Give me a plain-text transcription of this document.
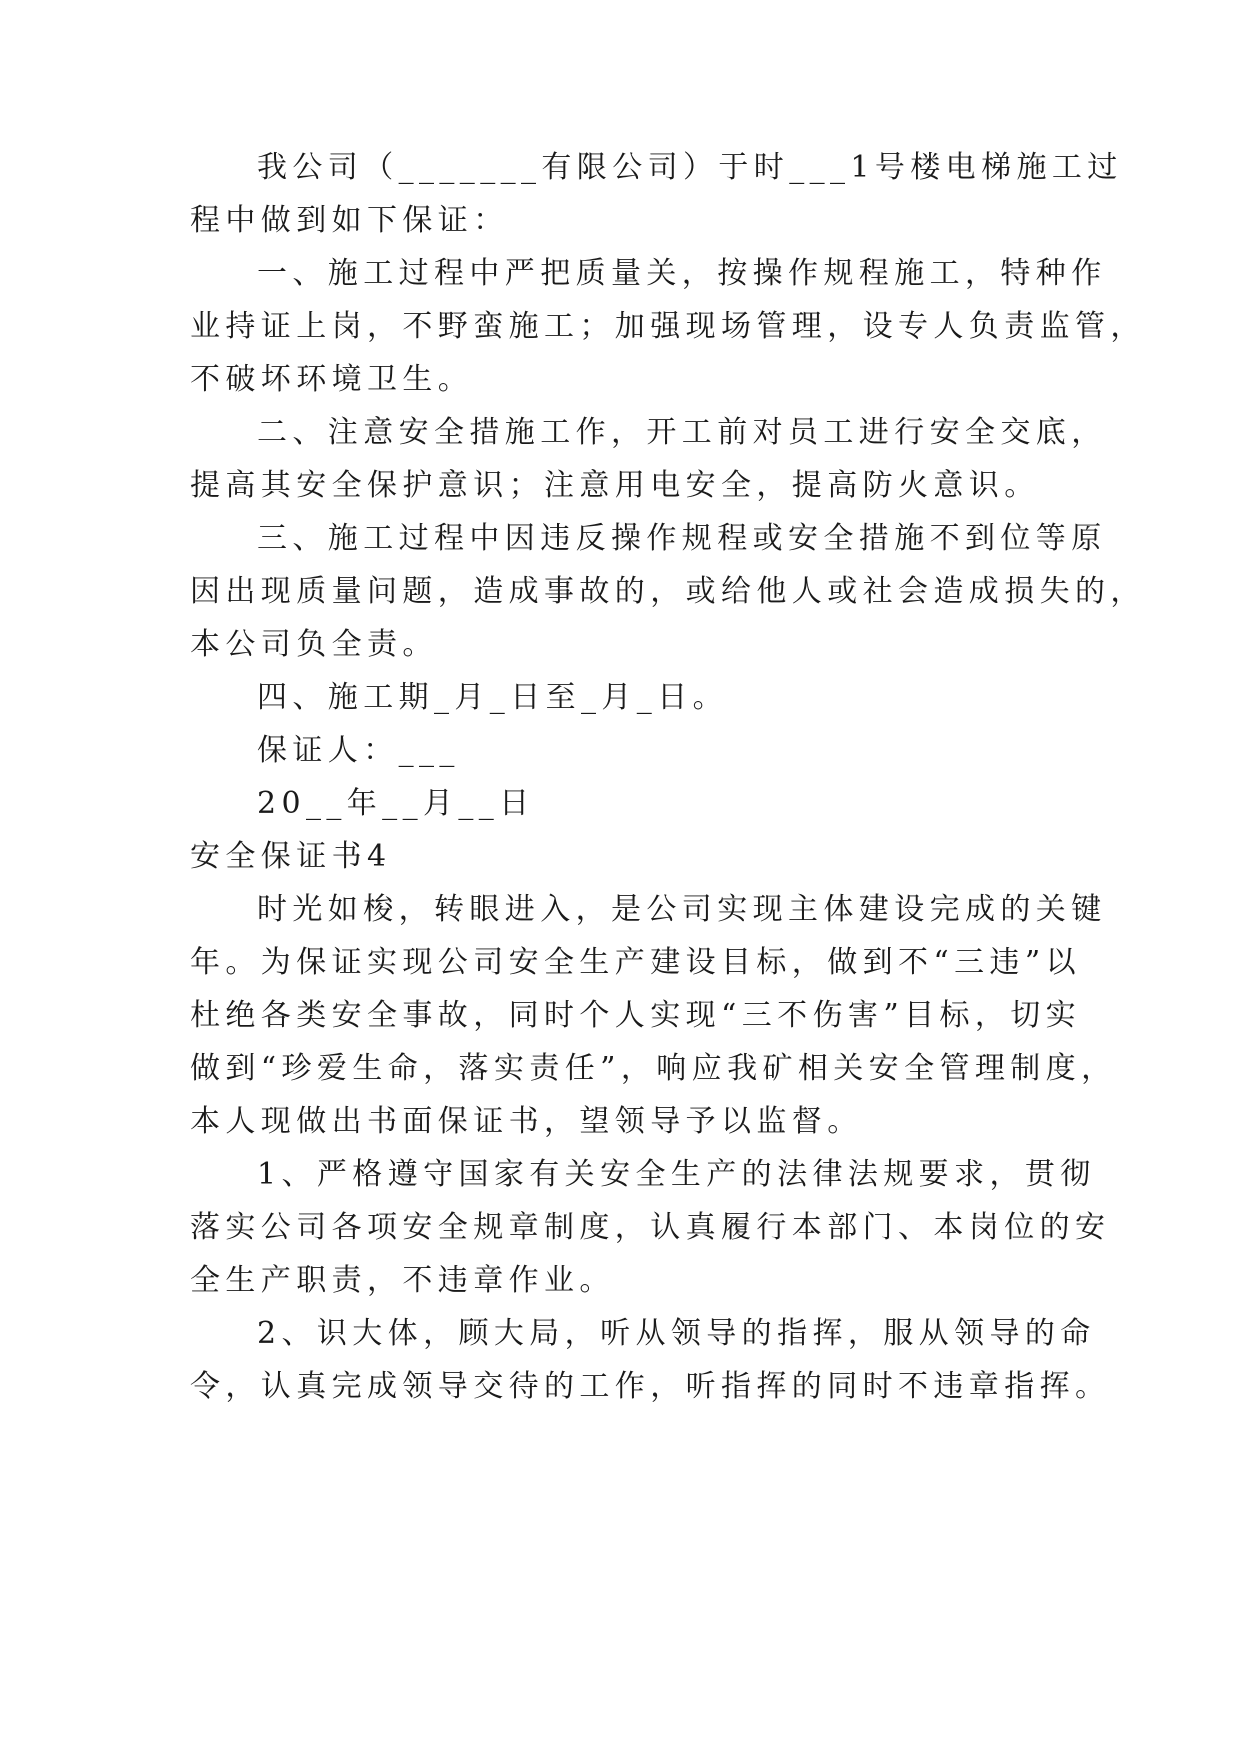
我公司（_______有限公司）于时___1号楼电梯施工过
程中做到如下保证：
一、施工过程中严把质量关，按操作规程施工，特种作
业持证上岗，不野蛮施工；加强现场管理，设专人负责监管，
不破坏环境卫生。
二、注意安全措施工作，开工前对员工进行安全交底，
提高其安全保护意识；注意用电安全，提高防火意识。
三、施工过程中因违反操作规程或安全措施不到位等原
因出现质量问题，造成事故的，或给他人或社会造成损失的，
本公司负全责。
四、施工期_月_日至_月_日。
保证人：___
20__年__月__日
安全保证书4
时光如梭，转眼进入，是公司实现主体建设完成的关键
年。为保证实现公司安全生产建设目标，做到不“三违”以
杜绝各类安全事故，同时个人实现“三不伤害”目标，切实
做到“珍爱生命，落实责任”，响应我矿相关安全管理制度，
本人现做出书面保证书，望领导予以监督。
1、严格遵守国家有关安全生产的法律法规要求，贯彻
落实公司各项安全规章制度，认真履行本部门、本岗位的安
全生产职责，不违章作业。
2、识大体，顾大局，听从领导的指挥，服从领导的命
令，认真完成领导交待的工作，听指挥的同时不违章指挥。
